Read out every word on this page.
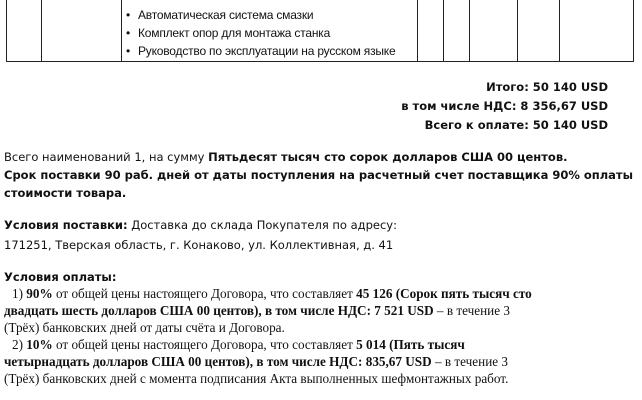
• Автоматическая система смазки
• Комплект опор для монтажа станка
• Руководство по эксплуатации на русском языке
Итого: 50 140 USD
в том числе НДС: 8 356,67 USD
Всего к оплате: 50 140 USD
Всего наименований 1, на сумму Пятьдесят тысяч сто сорок долларов США 00 центов.
Срок поставки 90 раб. дней от даты поступления на расчетный счет поставщика 90% оплаты
стоимости товара.
Условия поставки: Доставка до склада Покупателя по адресу:
171251, Тверская область, г. Конаково, ул. Коллективная, д. 41
Условия оплаты:
1) 90% от общей цены настоящего Договора, что составляет 45 126 (Сорок пять тысяч сто
двадцать шесть долларов США 00 центов), в том числе НДС: 7 521 USD – в течение 3
(Трёх) банковских дней от даты счёта и Договора.
2) 10% от общей цены настоящего Договора, что составляет 5 014 (Пять тысяч
четырнадцать долларов США 00 центов), в том числе НДС: 835,67 USD – в течение 3
(Трёх) банковских дней с момента подписания Акта выполненных шефмонтажных работ.
